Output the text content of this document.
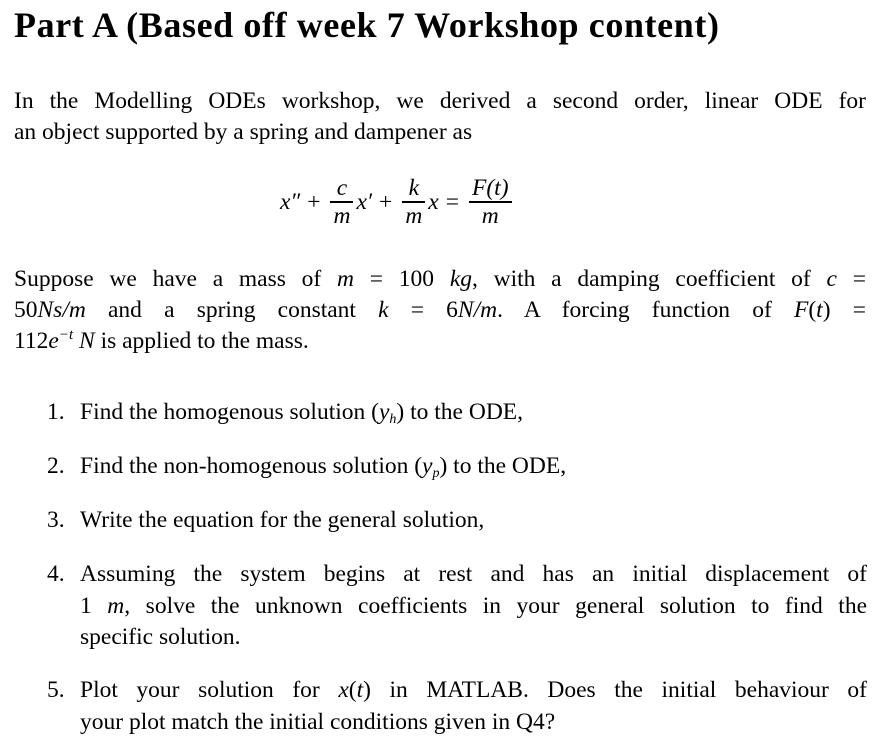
Part A (Based off week 7 Workshop content)
In the Modelling ODEs workshop, we derived a second order, linear ODE for
an object supported by a spring and dampener as
$x'' + \frac{c}{m} x' + \frac{k}{m}$ $x = \frac{F(t)}{m}$
Suppose we have a mass of m = 100 kg, with a damping coefficient of c =
50Ns/m and a spring constant k = 6N/m. A forcing function of F(t) =
$112e^{-t}$ N is applied to the mass.
1. Find the homogenous solution $(y_h)$ to the ODE,
2. Find the non-homogenous solution $(y_p)$ to the ODE,
3. Write the equation for the general solution,
4. Assuming the system begins at rest and has an initial displacement of
1 m, solve the unknown coefficients in your general solution to find the
specific solution.
5. Plot your solution for x(t) in MATLAB. Does the initial behaviour of
your plot match the initial conditions given in Q4?
